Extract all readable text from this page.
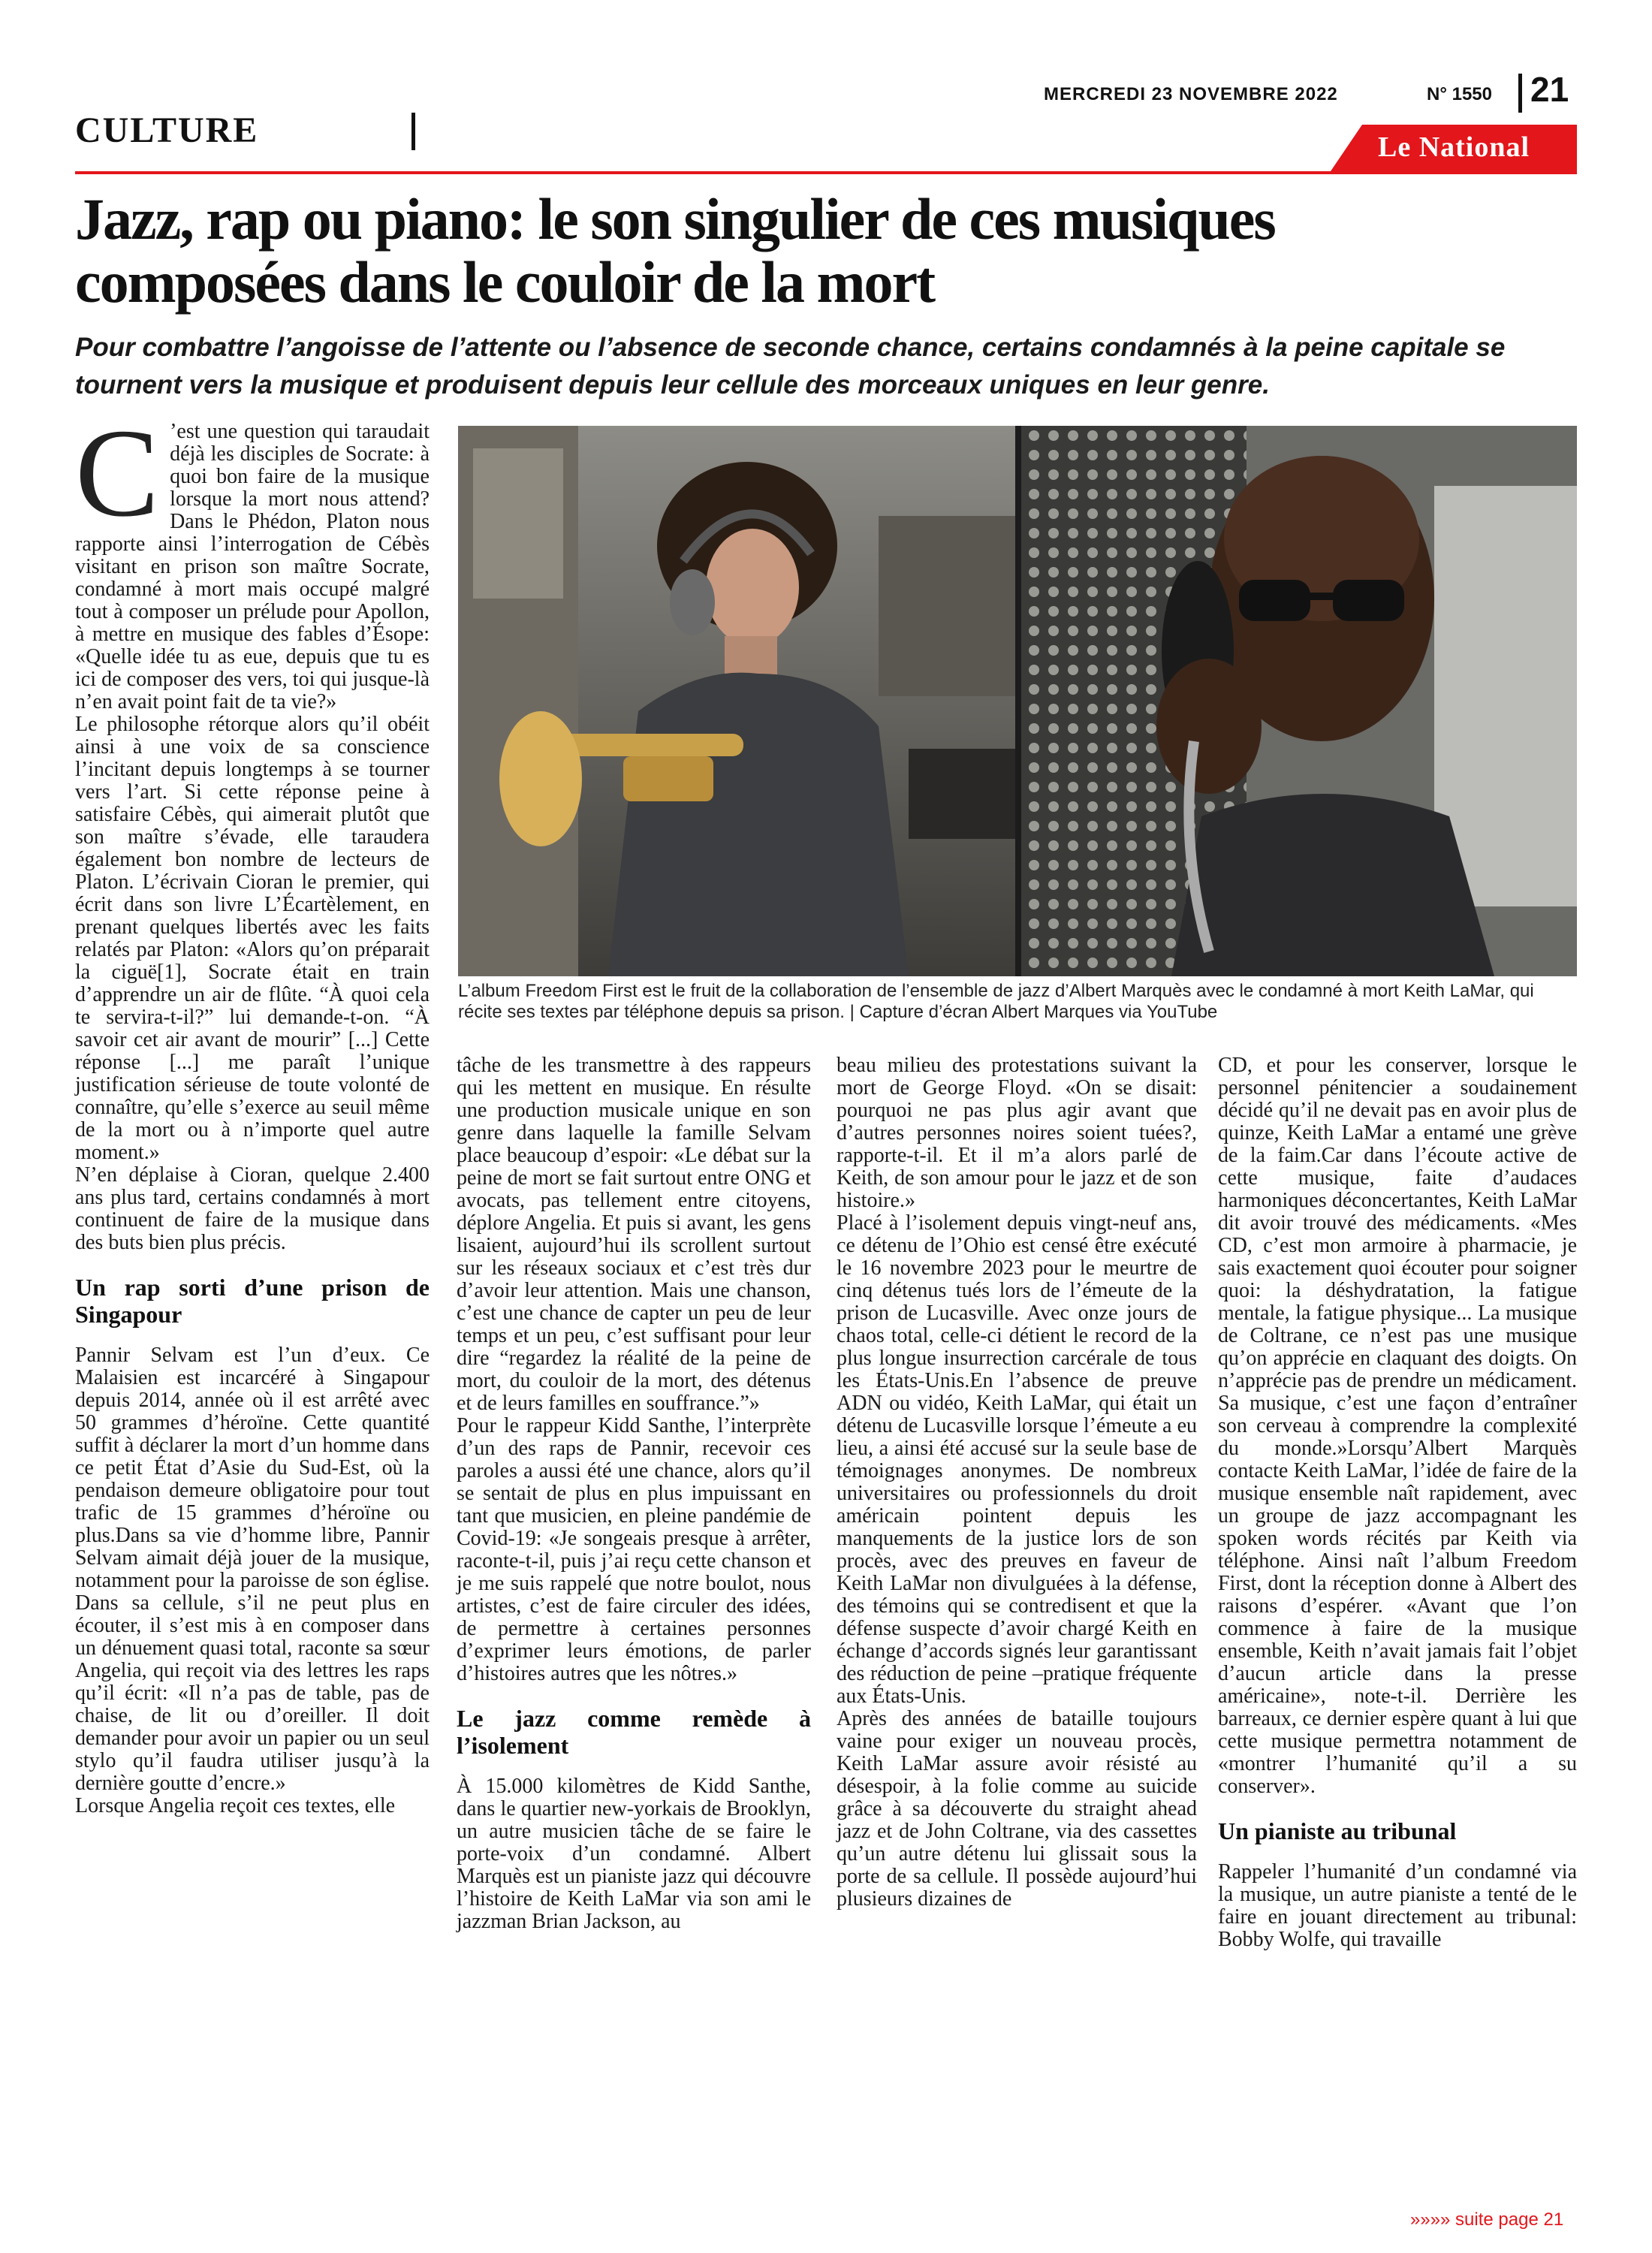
CULTURE
MERCREDI 23 NOVEMBRE 2022	N° 1550 21
Le National
Jazz, rap ou piano: le son singulier de ces musiques composées dans le couloir de la mort
Pour combattre l’angoisse de l’attente ou l’absence de seconde chance, certains condamnés à la peine capitale se tournent vers la musique et produisent depuis leur cellule des morceaux uniques en leur genre.

C ’est une question qui taraudait déjà les disciples de Socrate: à quoi bon faire de la musique lorsque la mort nous attend? Dans le Phédon, Platon nous rapporte ainsi l’interrogation de Cébès visitant en prison son maître Socrate, condamné à mort mais occupé malgré tout à composer un prélude pour Apollon, à mettre en musique des fables d’Ésope: «Quelle idée tu as eue, depuis que tu es ici de composer des vers, toi qui jusque-là n’en avait point fait de ta vie?»

Le philosophe rétorque alors qu’il obéit ainsi à une voix de sa conscience l’incitant depuis longtemps à se tourner vers l’art. Si cette réponse peine à satisfaire Cébès, qui aimerait plutôt que son maître s’évade, elle taraudera également bon nombre de lecteurs de Platon. L’écrivain Cioran le premier, qui écrit dans son livre L’Écartèlement, en prenant quelques libertés avec les faits relatés par Platon: «Alors qu’on préparait la ciguë[1], Socrate était en train d’apprendre un air de flûte. “À quoi cela te servira-t-il?” lui demande-t-on. “À savoir cet air avant de mourir” [...] Cette réponse [...] me paraît l’unique justification sérieuse de toute volonté de connaître, qu’elle s’exerce au seuil même de la mort ou à n’importe quel autre moment.»

N’en déplaise à Cioran, quelque 2.400 ans plus tard, certains condamnés à mort continuent de faire de la musique dans des buts bien plus précis.

Un rap sorti d’une prison de Singapour

Pannir Selvam est l’un d’eux. Ce Malaisien est incarcéré à Singapour depuis 2014, année où il est arrêté avec 50 grammes d’héroïne. Cette quantité suffit à déclarer la mort d’un homme dans ce petit État d’Asie du Sud-Est, où la pendaison demeure obligatoire pour tout trafic de 15 grammes d’héroïne ou plus.Dans sa vie d’homme libre, Pannir Selvam aimait déjà jouer de la musique, notamment pour la paroisse de son église. Dans sa cellule, s’il ne peut plus en écouter, il s’est mis à en composer dans un dénuement quasi total, raconte sa sœur Angelia, qui reçoit via des lettres les raps qu’il écrit: «Il n’a pas de table, pas de chaise, de lit ou d’oreiller. Il doit demander pour avoir un papier ou un seul stylo qu’il faudra utiliser jusqu’à la dernière goutte d’encre.»

Lorsque Angelia reçoit ces textes, elle

L’album Freedom First est le fruit de la collaboration de l’ensemble de jazz d’Albert Marquès avec le condamné à mort Keith LaMar, qui récite ses textes par téléphone depuis sa prison. | Capture d’écran Albert Marques via YouTube

tâche de les transmettre à des rappeurs qui les mettent en musique. En résulte une production musicale unique en son genre dans laquelle la famille Selvam place beaucoup d’espoir: «Le débat sur la peine de mort se fait surtout entre ONG et avocats, pas tellement entre citoyens, déplore Angelia. Et puis si avant, les gens lisaient, aujourd’hui ils scrollent surtout sur les réseaux sociaux et c’est très dur d’avoir leur attention. Mais une chanson, c’est une chance de capter un peu de leur temps et un peu, c’est suffisant pour leur dire “regardez la réalité de la peine de mort, du couloir de la mort, des détenus et de leurs familles en souffrance.”»

Pour le rappeur Kidd Santhe, l’interprète d’un des raps de Pannir, recevoir ces paroles a aussi été une chance, alors qu’il se sentait de plus en plus impuissant en tant que musicien, en pleine pandémie de Covid-19: «Je songeais presque à arrêter, raconte-t-il, puis j’ai reçu cette chanson et je me suis rappelé que notre boulot, nous artistes, c’est de faire circuler des idées, de permettre à certaines personnes d’exprimer leurs émotions, de parler d’histoires autres que les nôtres.»

Le jazz comme remède à l’isolement

À 15.000 kilomètres de Kidd Santhe, dans le quartier new-yorkais de Brooklyn, un autre musicien tâche de se faire le porte-voix d’un condamné. Albert Marquès est un pianiste jazz qui découvre l’histoire de Keith LaMar via son ami le jazzman Brian Jackson, au

beau milieu des protestations suivant la mort de George Floyd. «On se disait: pourquoi ne pas plus agir avant que d’autres personnes noires soient tuées?, rapporte-t-il. Et il m’a alors parlé de Keith, de son amour pour le jazz et de son histoire.»

Placé à l’isolement depuis vingt-neuf ans, ce détenu de l’Ohio est censé être exécuté le 16 novembre 2023 pour le meurtre de cinq détenus tués lors de l’émeute de la prison de Lucasville. Avec onze jours de chaos total, celle-ci détient le record de la plus longue insurrection carcérale de tous les États-Unis.En l’absence de preuve ADN ou vidéo, Keith LaMar, qui était un détenu de Lucasville lorsque l’émeute a eu lieu, a ainsi été accusé sur la seule base de témoignages anonymes. De nombreux universitaires ou professionnels du droit américain pointent depuis les manquements de la justice lors de son procès, avec des preuves en faveur de Keith LaMar non divulguées à la défense, des témoins qui se contredisent et que la défense suspecte d’avoir chargé Keith en échange d’accords signés leur garantissant des réduction de peine –pratique fréquente aux États-Unis.

Après des années de bataille toujours vaine pour exiger un nouveau procès, Keith LaMar assure avoir résisté au désespoir, à la folie comme au suicide grâce à sa découverte du straight ahead jazz et de John Coltrane, via des cassettes qu’un autre détenu lui glissait sous la porte de sa cellule. Il possède aujourd’hui plusieurs dizaines de

CD, et pour les conserver, lorsque le personnel pénitencier a soudainement décidé qu’il ne devait pas en avoir plus de quinze, Keith LaMar a entamé une grève de la faim.Car dans l’écoute active de cette musique, faite d’audaces harmoniques déconcertantes, Keith LaMar dit avoir trouvé des médicaments. «Mes CD, c’est mon armoire à pharmacie, je sais exactement quoi écouter pour soigner quoi: la déshydratation, la fatigue mentale, la fatigue physique... La musique de Coltrane, ce n’est pas une musique qu’on apprécie en claquant des doigts. On n’apprécie pas de prendre un médicament. Sa musique, c’est une façon d’entraîner son cerveau à comprendre la complexité du monde.»Lorsqu’Albert Marquès contacte Keith LaMar, l’idée de faire de la musique ensemble naît rapidement, avec un groupe de jazz accompagnant les spoken words récités par Keith via téléphone. Ainsi naît l’album Freedom First, dont la réception donne à Albert des raisons d’espérer. «Avant que l’on commence à faire de la musique ensemble, Keith n’avait jamais fait l’objet d’aucun article dans la presse américaine», note-t-il. Derrière les barreaux, ce dernier espère quant à lui que cette musique permettra notamment de «montrer l’humanité qu’il a su conserver».

Un pianiste au tribunal

Rappeler l’humanité d’un condamné via la musique, un autre pianiste a tenté de le faire en jouant directement au tribunal: Bobby Wolfe, qui travaille

»»»» suite page 21
